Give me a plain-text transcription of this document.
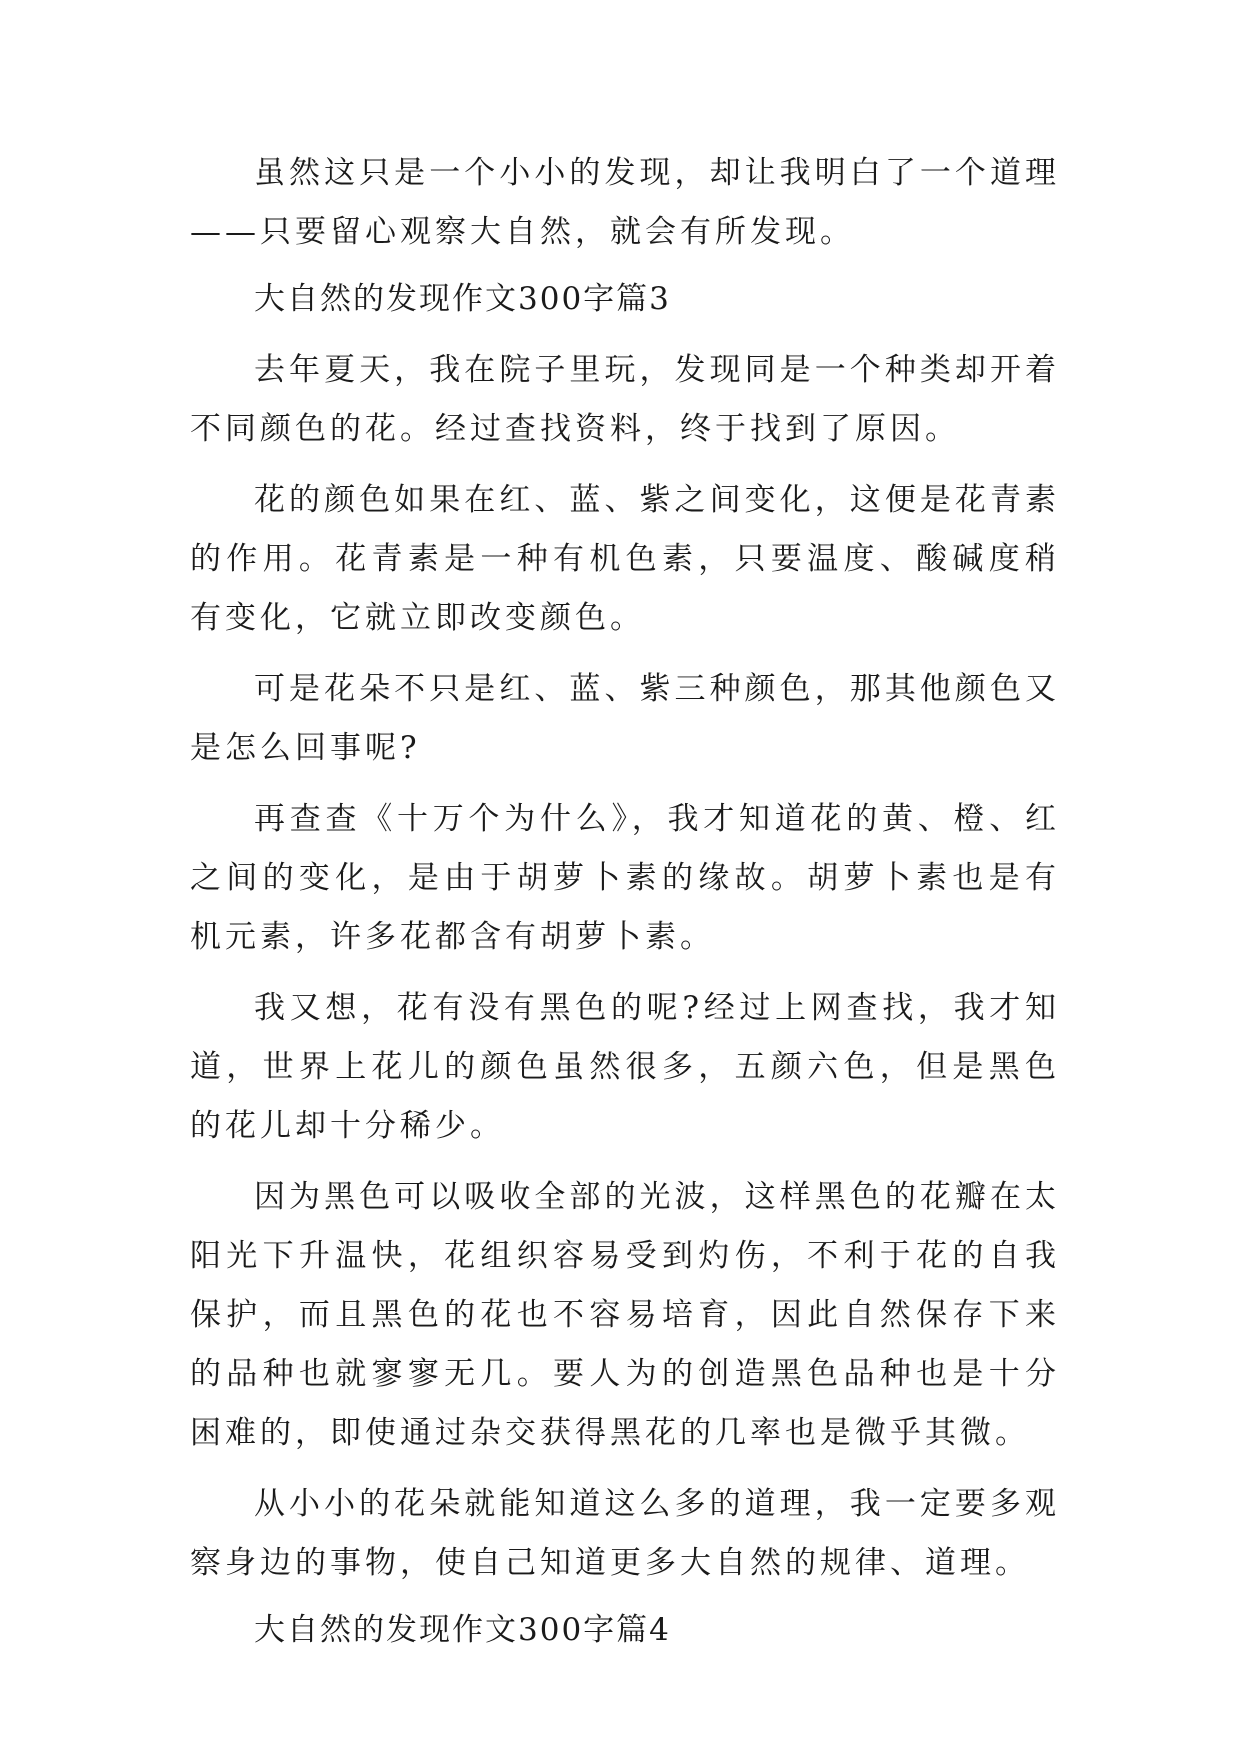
虽然这只是一个小小的发现，却让我明白了一个道理——只要留心观察大自然，就会有所发现。

大自然的发现作文300字篇3

去年夏天，我在院子里玩，发现同是一个种类却开着不同颜色的花。经过查找资料，终于找到了原因。

花的颜色如果在红、蓝、紫之间变化，这便是花青素的作用。花青素是一种有机色素，只要温度、酸碱度稍有变化，它就立即改变颜色。

可是花朵不只是红、蓝、紫三种颜色，那其他颜色又是怎么回事呢?

再查查《十万个为什么》，我才知道花的黄、橙、红之间的变化，是由于胡萝卜素的缘故。胡萝卜素也是有机元素，许多花都含有胡萝卜素。

我又想，花有没有黑色的呢?经过上网查找，我才知道，世界上花儿的颜色虽然很多，五颜六色，但是黑色的花儿却十分稀少。

因为黑色可以吸收全部的光波，这样黑色的花瓣在太阳光下升温快，花组织容易受到灼伤，不利于花的自我保护，而且黑色的花也不容易培育，因此自然保存下来的品种也就寥寥无几。要人为的创造黑色品种也是十分困难的，即使通过杂交获得黑花的几率也是微乎其微。

从小小的花朵就能知道这么多的道理，我一定要多观察身边的事物，使自己知道更多大自然的规律、道理。

大自然的发现作文300字篇4
